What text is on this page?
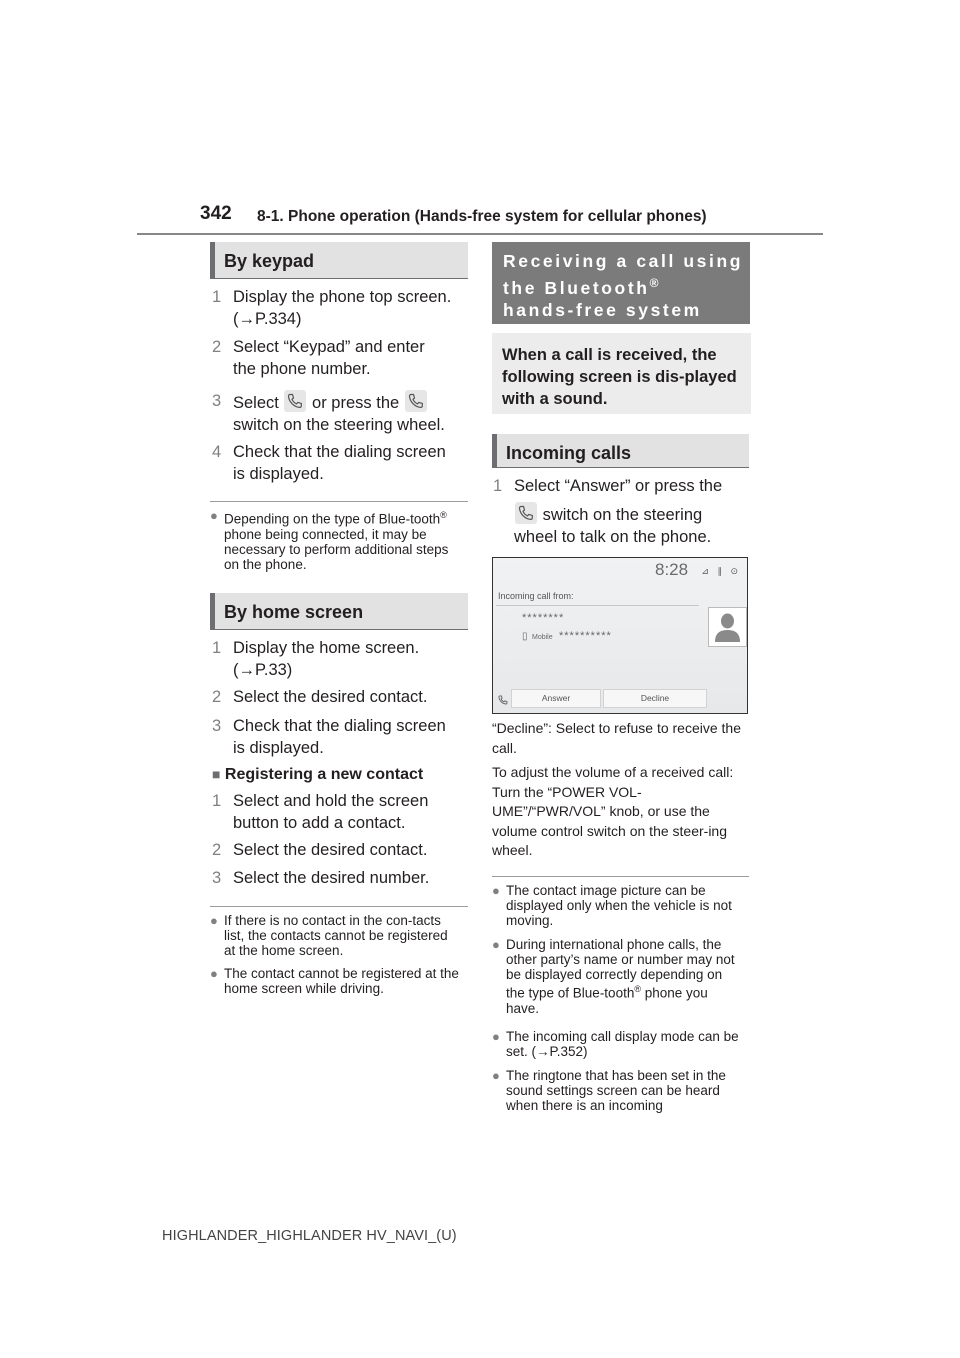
342 8-1. Phone operation (Hands-free system for cellular phones)
By keypad
1 Display the phone top screen. (→P.334)
2 Select “Keypad” and enter the phone number.
3 Select or press the
switch on the steering wheel.
4 Check that the dialing screen is displayed.
● Depending on the type of Blue-tooth® phone being connected, it may be necessary to perform additional steps on the phone.
By home screen
1 Display the home screen. (→P.33)
2 Select the desired contact.
3 Check that the dialing screen is displayed.
■ Registering a new contact
1 Select and hold the screen button to add a contact.
2 Select the desired contact.
3 Select the desired number.
● If there is no contact in the con-tacts list, the contacts cannot be registered at the home screen.
● The contact cannot be registered at the home screen while driving.
Receiving a call using
the Bluetooth®
hands-free system
When a call is received, the following screen is dis-played with a sound.
Incoming calls
1 Select “Answer” or press the
switch on the steering wheel to talk on the phone.
8:28 ⊿ ∥ ⊙
Incoming call from:
********
▯ Mobile **********
Answer	Decline
“Decline”: Select to refuse to receive the call.
To adjust the volume of a received call: Turn the “POWER VOL-UME”/“PWR/VOL” knob, or use the volume control switch on the steer-ing wheel.
● The contact image picture can be displayed only when the vehicle is not moving.
● During international phone calls, the other party’s name or number may not be displayed correctly depending on the type of Blue-tooth® phone you have.
● The incoming call display mode can be set. (→P.352)
● The ringtone that has been set in the sound settings screen can be heard when there is an incoming
HIGHLANDER_HIGHLANDER HV_NAVI_(U)
